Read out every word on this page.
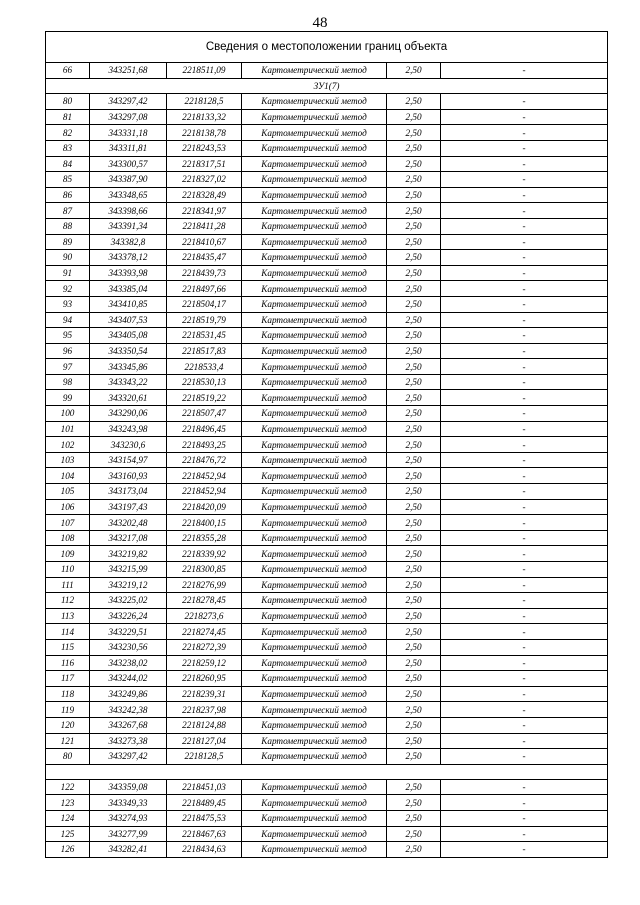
48
Сведения о местоположении границ объекта					
66	343251,68	2218511,09	Картометрический метод	2,50	-
ЗУ1(7)					
80	343297,42	2218128,5	Картометрический метод	2,50	-
81	343297,08	2218133,32	Картометрический метод	2,50	-
82	343331,18	2218138,78	Картометрический метод	2,50	-
83	343311,81	2218243,53	Картометрический метод	2,50	-
84	343300,57	2218317,51	Картометрический метод	2,50	-
85	343387,90	2218327,02	Картометрический метод	2,50	-
86	343348,65	2218328,49	Картометрический метод	2,50	-
87	343398,66	2218341,97	Картометрический метод	2,50	-
88	343391,34	2218411,28	Картометрический метод	2,50	-
89	343382,8	2218410,67	Картометрический метод	2,50	-
90	343378,12	2218435,47	Картометрический метод	2,50	-
91	343393,98	2218439,73	Картометрический метод	2,50	-
92	343385,04	2218497,66	Картометрический метод	2,50	-
93	343410,85	2218504,17	Картометрический метод	2,50	-
94	343407,53	2218519,79	Картометрический метод	2,50	-
95	343405,08	2218531,45	Картометрический метод	2,50	-
96	343350,54	2218517,83	Картометрический метод	2,50	-
97	343345,86	2218533,4	Картометрический метод	2,50	-
98	343343,22	2218530,13	Картометрический метод	2,50	-
99	343320,61	2218519,22	Картометрический метод	2,50	-
100	343290,06	2218507,47	Картометрический метод	2,50	-
101	343243,98	2218496,45	Картометрический метод	2,50	-
102	343230,6	2218493,25	Картометрический метод	2,50	-
103	343154,97	2218476,72	Картометрический метод	2,50	-
104	343160,93	2218452,94	Картометрический метод	2,50	-
105	343173,04	2218452,94	Картометрический метод	2,50	-
106	343197,43	2218420,09	Картометрический метод	2,50	-
107	343202,48	2218400,15	Картометрический метод	2,50	-
108	343217,08	2218355,28	Картометрический метод	2,50	-
109	343219,82	2218339,92	Картометрический метод	2,50	-
110	343215,99	2218300,85	Картометрический метод	2,50	-
111	343219,12	2218276,99	Картометрический метод	2,50	-
112	343225,02	2218278,45	Картометрический метод	2,50	-
113	343226,24	2218273,6	Картометрический метод	2,50	-
114	343229,51	2218274,45	Картометрический метод	2,50	-
115	343230,56	2218272,39	Картометрический метод	2,50	-
116	343238,02	2218259,12	Картометрический метод	2,50	-
117	343244,02	2218260,95	Картометрический метод	2,50	-
118	343249,86	2218239,31	Картометрический метод	2,50	-
119	343242,38	2218237,98	Картометрический метод	2,50	-
120	343267,68	2218124,88	Картометрический метод	2,50	-
121	343273,38	2218127,04	Картометрический метод	2,50	-
80	343297,42	2218128,5	Картометрический метод	2,50	-

122	343359,08	2218451,03	Картометрический метод	2,50	-
123	343349,33	2218489,45	Картометрический метод	2,50	-
124	343274,93	2218475,53	Картометрический метод	2,50	-
125	343277,99	2218467,63	Картометрический метод	2,50	-
126	343282,41	2218434,63	Картометрический метод	2,50	-
